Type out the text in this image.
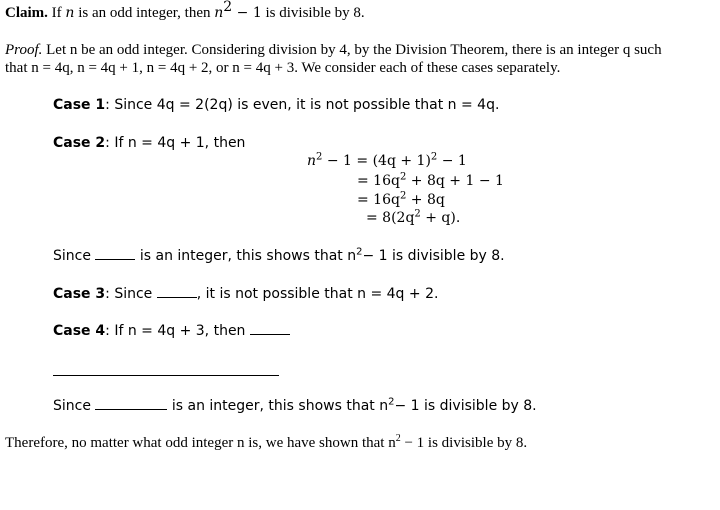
Claim. If n is an odd integer, then $n^2 - 1$ is divisible by 8.
Proof. Let n be an odd integer. Considering division by 4, by the Division Theorem, there is an integer q such
that n = 4q, n = 4q + 1, n = 4q + 2, or n = 4q + 3. We consider each of these cases separately.
Case 1: Since 4q = 2(2q) is even, it is not possible that n = 4q.
Case 2: If n = 4q + 1, then
$n^2 - 1 = (4q + 1)^2 - 1$
= $16q^2 + 8q + 1 - 1$
= $16q^2 + 8q$
= $8(2q^2 + q)$.
Since	is an integer, this shows that $n^2- 1$ is divisible by 8.
Case 3: Since	, it is not possible that n = 4q + 2.
Case 4: If n = 4q + 3, then
Since	is an integer, this shows that $n^2- 1$ is divisible by 8.
Therefore, no matter what odd integer n is, we have shown that $n^2 - 1$ is divisible by 8.
